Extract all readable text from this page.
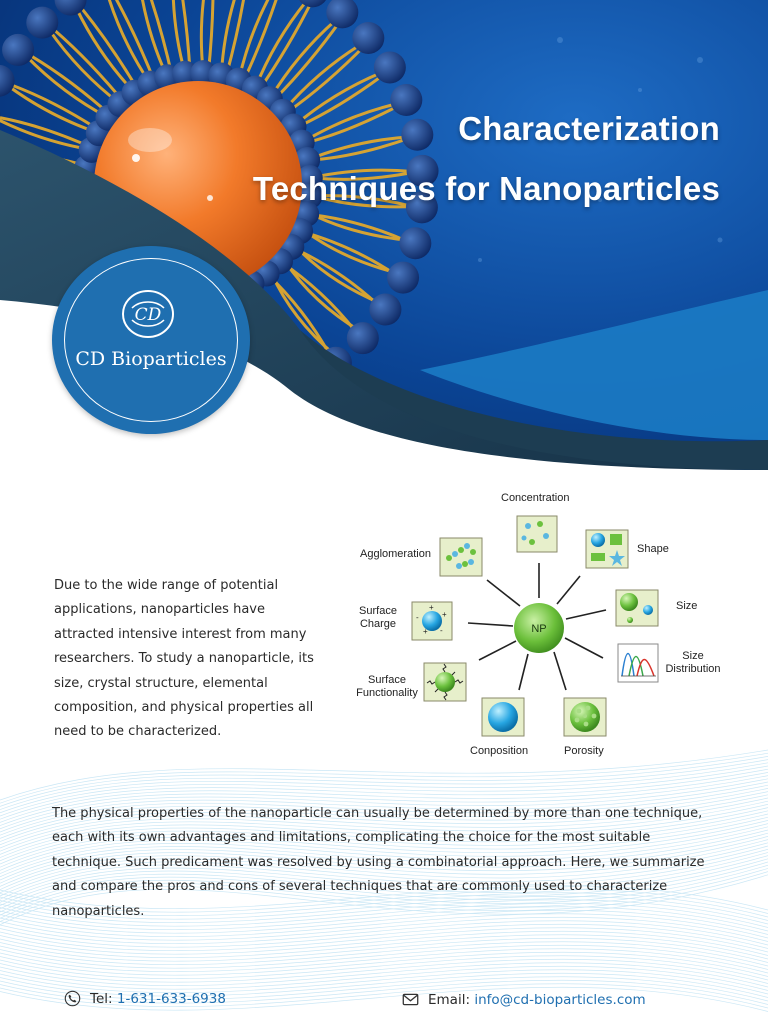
Characterization
Techniques for Nanoparticles
CD
CD Bioparticles
Due to the wide range of potential applications, nanoparticles have attracted intensive interest from many researchers. To study a nanoparticle, its size, crystal structure, elemental composition, and physical properties all need to be characterized.
NP
+
+
-
+
-
Concentration
Shape
Size
Size
Distribution
Porosity
Conposition
Surface
Functionality
Surface
Charge
Agglomeration
The physical properties of the nanoparticle can usually be determined by more than one technique, each with its own advantages and limitations, complicating the choice for the most suitable technique. Such predicament was resolved by using a combinatorial approach. Here, we summarize and compare the pros and cons of several techniques that are commonly used to characterize nanoparticles.
Tel:
1-631-633-6938	Email:
info@cd-bioparticles.com
